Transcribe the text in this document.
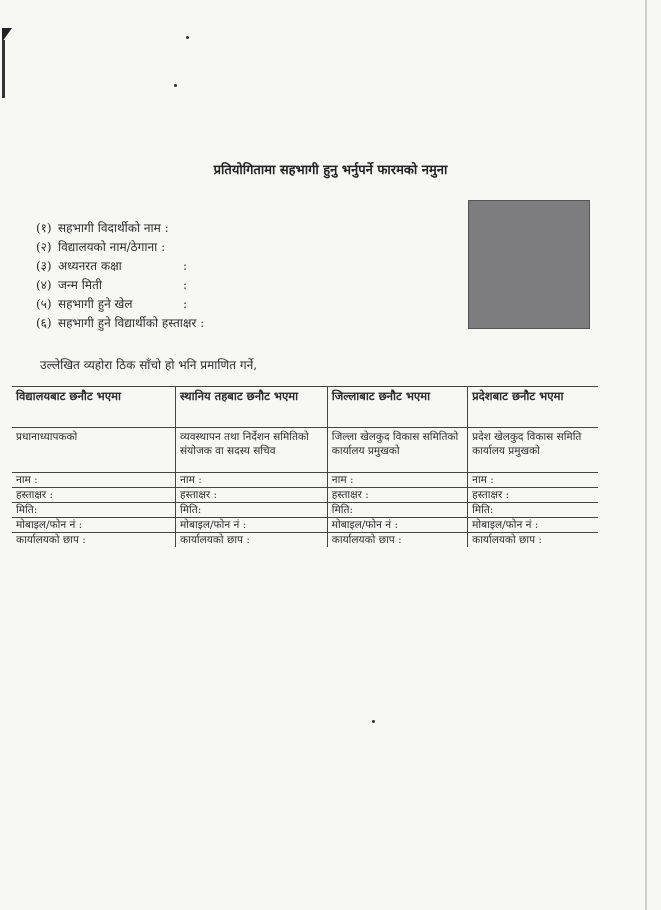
प्रतियोगितामा सहभागी हुनु भर्नुपर्ने फारमको नमुना
(१) सहभागी विदार्थीको नाम :
(२) विद्यालयको नाम/ठेगाना :
(३) अध्यनरत कक्षा	:
(४) जन्म मिती	:
(५) सहभागी हुने खेल	:
(६) सहभागी हुने विद्यार्थीको हस्ताक्षर :
उल्लेखित व्यहोरा ठिक साँचो हो भनि प्रमाणित गर्ने,
विद्यालयबाट छनौट भएमा	स्थानिय तहबाट छनौट भएमा	जिल्लाबाट छनौट भएमा	प्रदेशबाट छनौट भएमा
प्रधानाध्यापकको	व्यवस्थापन तथा निर्देशन समितिको संयोजक वा सदस्य सचिव	जिल्ला खेलकुद विकास समितिको कार्यालय प्रमुखको	प्रदेश खेलकुद विकास समिति कार्यालय प्रमुखको
नाम :	नाम :	नाम :	नाम :
हस्ताक्षर :	हस्ताक्षर :	हस्ताक्षर :	हस्ताक्षर :
मिति:	मिति:	मिति:	मिति:
मोबाइल/फोन नं :	मोबाइल/फोन नं :	मोबाइल/फोन नं :	मोबाइल/फोन नं :
कार्यालयको छाप :	कार्यालयको छाप :	कार्यालयको छाप :	कार्यालयको छाप :
